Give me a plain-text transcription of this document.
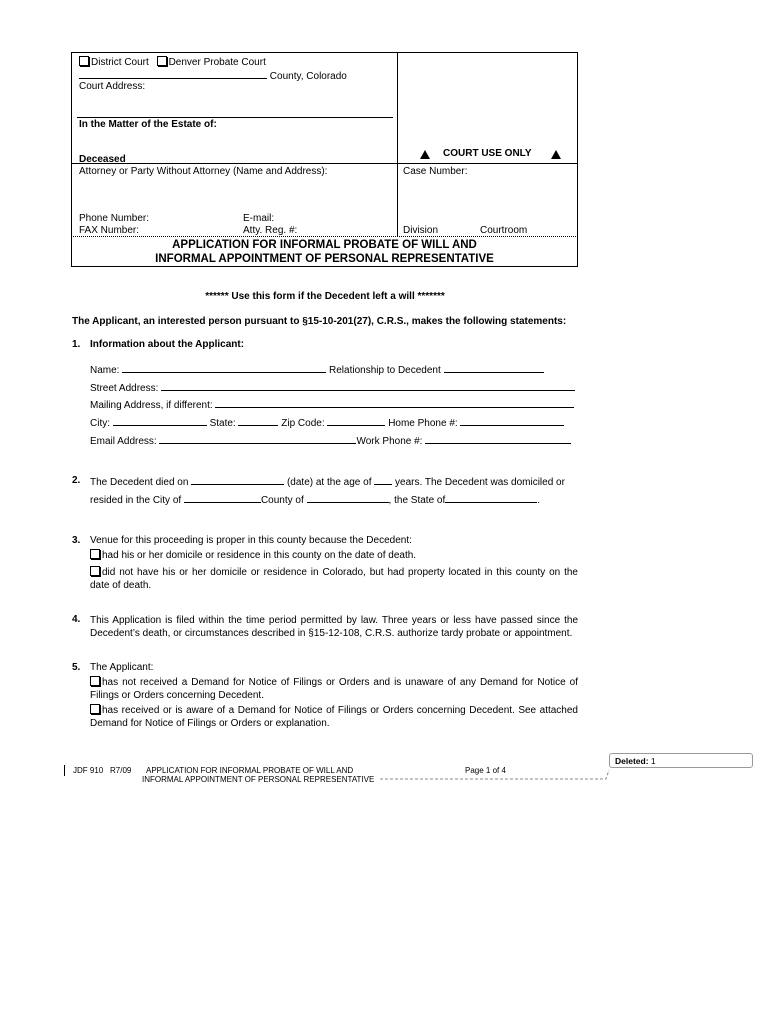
District Court Denver Probate Court
County, Colorado
Court Address:
In the Matter of the Estate of:
Deceased
COURT USE ONLY
Attorney or Party Without Attorney (Name and Address):	Case Number:
Phone Number:	E-mail:
FAX Number:	Atty. Reg. #:	Division	Courtroom
APPLICATION FOR INFORMAL PROBATE OF WILL AND
INFORMAL APPOINTMENT OF PERSONAL REPRESENTATIVE
****** Use this form if the Decedent left a will *******
The Applicant, an interested person pursuant to §15-10-201(27), C.R.S., makes the following statements:
1. Information about the Applicant:
Name:	Relationship to Decedent
Street Address:
Mailing Address, if different:
City:	State:	Zip Code:	Home Phone #:
Email Address:	Work Phone #:
2. The Decedent died on	(date) at the age of years. The Decedent was domiciled or
resided in the City of	County of	, the State of	.
3. Venue for this proceeding is proper in this county because the Decedent:
had his or her domicile or residence in this county on the date of death.
did not have his or her domicile or residence in Colorado, but had property located in this county on the date of death.
4. This Application is filed within the time period permitted by law. Three years or less have passed since the Decedent’s death, or circumstances described in §15-12-108, C.R.S. authorize tardy probate or appointment.
5. The Applicant:
has not received a Demand for Notice of Filings or Orders and is unaware of any Demand for Notice of Filings or Orders concerning Decedent.
has received or is aware of a Demand for Notice of Filings or Orders concerning Decedent. See attached Demand for Notice of Filings or Orders or explanation.
JDF 910 R7/09 APPLICATION FOR INFORMAL PROBATE OF WILL AND
INFORMAL APPOINTMENT OF PERSONAL REPRESENTATIVE
Page 1 of 4
Deleted: 1
